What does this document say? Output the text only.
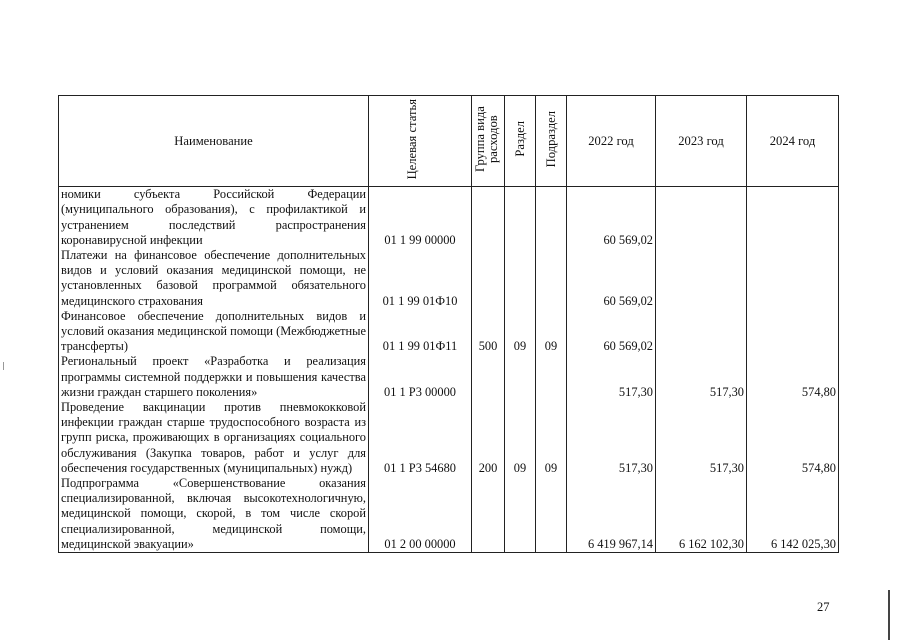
Наименование	Целевая статья	Группа вида расходов	Раздел	Подраздел	2022 год	2023 год	2024 год
номики субъекта Российской Федерации (муниципального образования), с профилактикой и устранением последствий распространения коронавирусной инфекции	01 1 99 00000				60 569,02		
Платежи на финансовое обеспечение дополнительных видов и условий оказания медицинской помощи, не установленных базовой программой обязательного медицинского страхования	01 1 99 01Ф10				60 569,02		
Финансовое обеспечение дополнительных видов и условий оказания медицинской помощи (Межбюджетные трансферты)	01 1 99 01Ф11	500	09	09	60 569,02		
Региональный проект «Разработка и реализация программы системной поддержки и повышения качества жизни граждан старшего поколения»	01 1 P3 00000				517,30	517,30	574,80
Проведение вакцинации против пневмококковой инфекции граждан старше трудоспособного возраста из групп риска, проживающих в организациях социального обслуживания (Закупка товаров, работ и услуг для обеспечения государственных (муниципальных) нужд)	01 1 P3 54680	200	09	09	517,30	517,30	574,80
Подпрограмма «Совершенствование оказания специализированной, включая высокотехнологичную, медицинской помощи, скорой, в том числе скорой специализированной, медицинской помощи, медицинской эвакуации»	01 2 00 00000				6 419 967,14	6 162 102,30	6 142 025,30
27
